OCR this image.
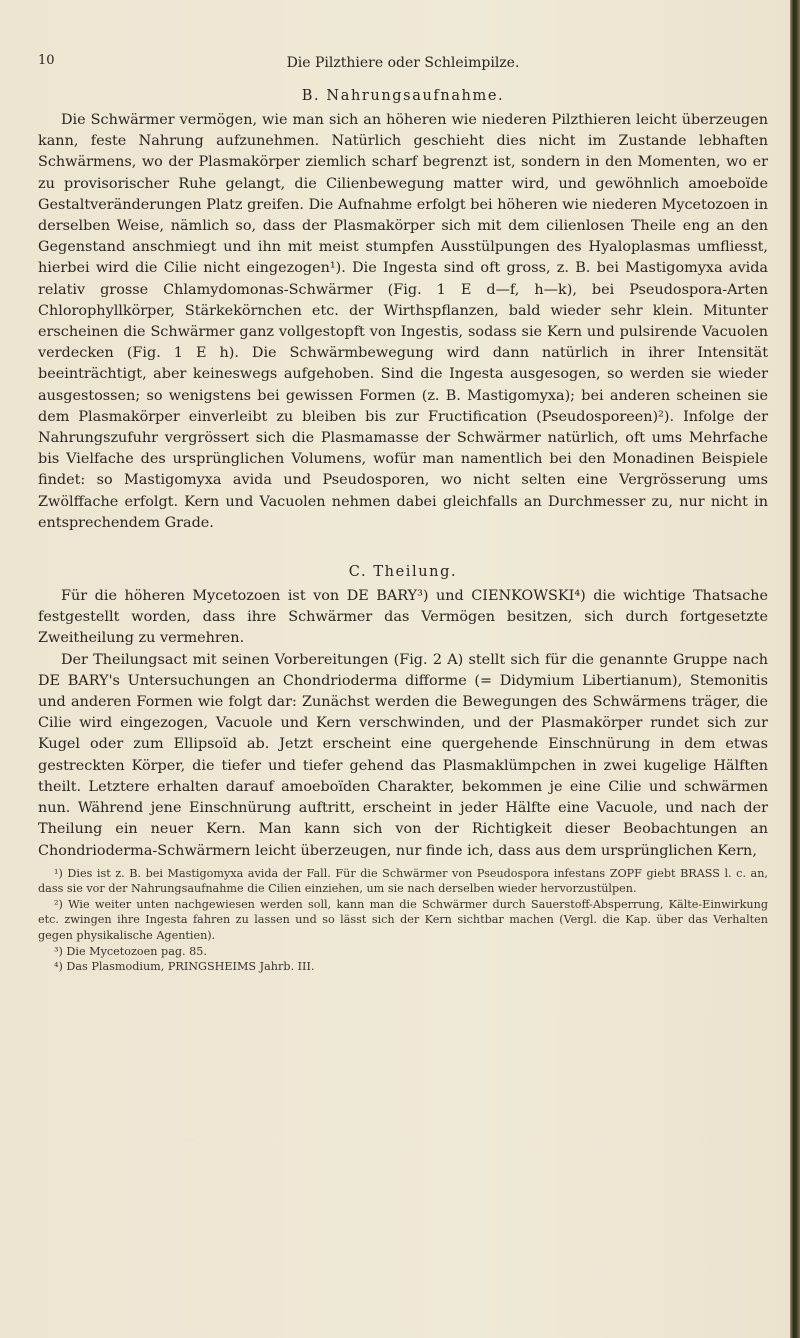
10	Die Pilzthiere oder Schleimpilze.
B. Nahrungsaufnahme.

Die Schwärmer vermögen, wie man sich an höheren wie niederen Pilzthieren leicht überzeugen kann, feste Nahrung aufzunehmen. Natürlich geschieht dies nicht im Zustande lebhaften Schwärmens, wo der Plasmakörper ziemlich scharf begrenzt ist, sondern in den Momenten, wo er zu provisorischer Ruhe gelangt, die Cilienbewegung matter wird, und gewöhnlich amoeboïde Gestaltveränderungen Platz greifen. Die Aufnahme erfolgt bei höheren wie niederen Mycetozoen in derselben Weise, nämlich so, dass der Plasmakörper sich mit dem cilienlosen Theile eng an den Gegenstand anschmiegt und ihn mit meist stumpfen Ausstülpungen des Hyaloplasmas umfliesst, hierbei wird die Cilie nicht eingezogen¹). Die Ingesta sind oft gross, z. B. bei Mastigomyxa avida relativ grosse Chlamydomonas-Schwärmer (Fig. 1 E d—f, h—k), bei Pseudospora-Arten Chlorophyllkörper, Stärkekörnchen etc. der Wirthspflanzen, bald wieder sehr klein. Mitunter erscheinen die Schwärmer ganz vollgestopft von Ingestis, sodass sie Kern und pulsirende Vacuolen verdecken (Fig. 1 E h). Die Schwärmbewegung wird dann natürlich in ihrer Intensität beeinträchtigt, aber keineswegs aufgehoben. Sind die Ingesta ausgesogen, so werden sie wieder ausgestossen; so wenigstens bei gewissen Formen (z. B. Mastigomyxa); bei anderen scheinen sie dem Plasmakörper einverleibt zu bleiben bis zur Fructification (Pseudosporeen)²). Infolge der Nahrungszufuhr vergrössert sich die Plasmamasse der Schwärmer natürlich, oft ums Mehrfache bis Vielfache des ursprünglichen Volumens, wofür man namentlich bei den Monadinen Beispiele findet: so Mastigomyxa avida und Pseudosporen, wo nicht selten eine Vergrösserung ums Zwölffache erfolgt. Kern und Vacuolen nehmen dabei gleichfalls an Durchmesser zu, nur nicht in entsprechendem Grade.

C. Theilung.

Für die höheren Mycetozoen ist von DE BARY³) und CIENKOWSKI⁴) die wichtige Thatsache festgestellt worden, dass ihre Schwärmer das Vermögen besitzen, sich durch fortgesetzte Zweitheilung zu vermehren.

Der Theilungsact mit seinen Vorbereitungen (Fig. 2 A) stellt sich für die genannte Gruppe nach DE BARY's Untersuchungen an Chondrioderma difforme (= Didymium Libertianum), Stemonitis und anderen Formen wie folgt dar: Zunächst werden die Bewegungen des Schwärmens träger, die Cilie wird eingezogen, Vacuole und Kern verschwinden, und der Plasmakörper rundet sich zur Kugel oder zum Ellipsoïd ab. Jetzt erscheint eine quergehende Einschnürung in dem etwas gestreckten Körper, die tiefer und tiefer gehend das Plasmaklümpchen in zwei kugelige Hälften theilt. Letztere erhalten darauf amoeboïden Charakter, bekommen je eine Cilie und schwärmen nun. Während jene Einschnürung auftritt, erscheint in jeder Hälfte eine Vacuole, und nach der Theilung ein neuer Kern. Man kann sich von der Richtigkeit dieser Beobachtungen an Chondrioderma-Schwärmern leicht überzeugen, nur finde ich, dass aus dem ursprünglichen Kern,

¹) Dies ist z. B. bei Mastigomyxa avida der Fall. Für die Schwärmer von Pseudospora infestans ZOPF giebt BRASS l. c. an, dass sie vor der Nahrungsaufnahme die Cilien einziehen, um sie nach derselben wieder hervorzustülpen.

²) Wie weiter unten nachgewiesen werden soll, kann man die Schwärmer durch Sauerstoff-Absperrung, Kälte-Einwirkung etc. zwingen ihre Ingesta fahren zu lassen und so lässt sich der Kern sichtbar machen (Vergl. die Kap. über das Verhalten gegen physikalische Agentien).

³) Die Mycetozoen pag. 85.

⁴) Das Plasmodium, PRINGSHEIMS Jahrb. III.
